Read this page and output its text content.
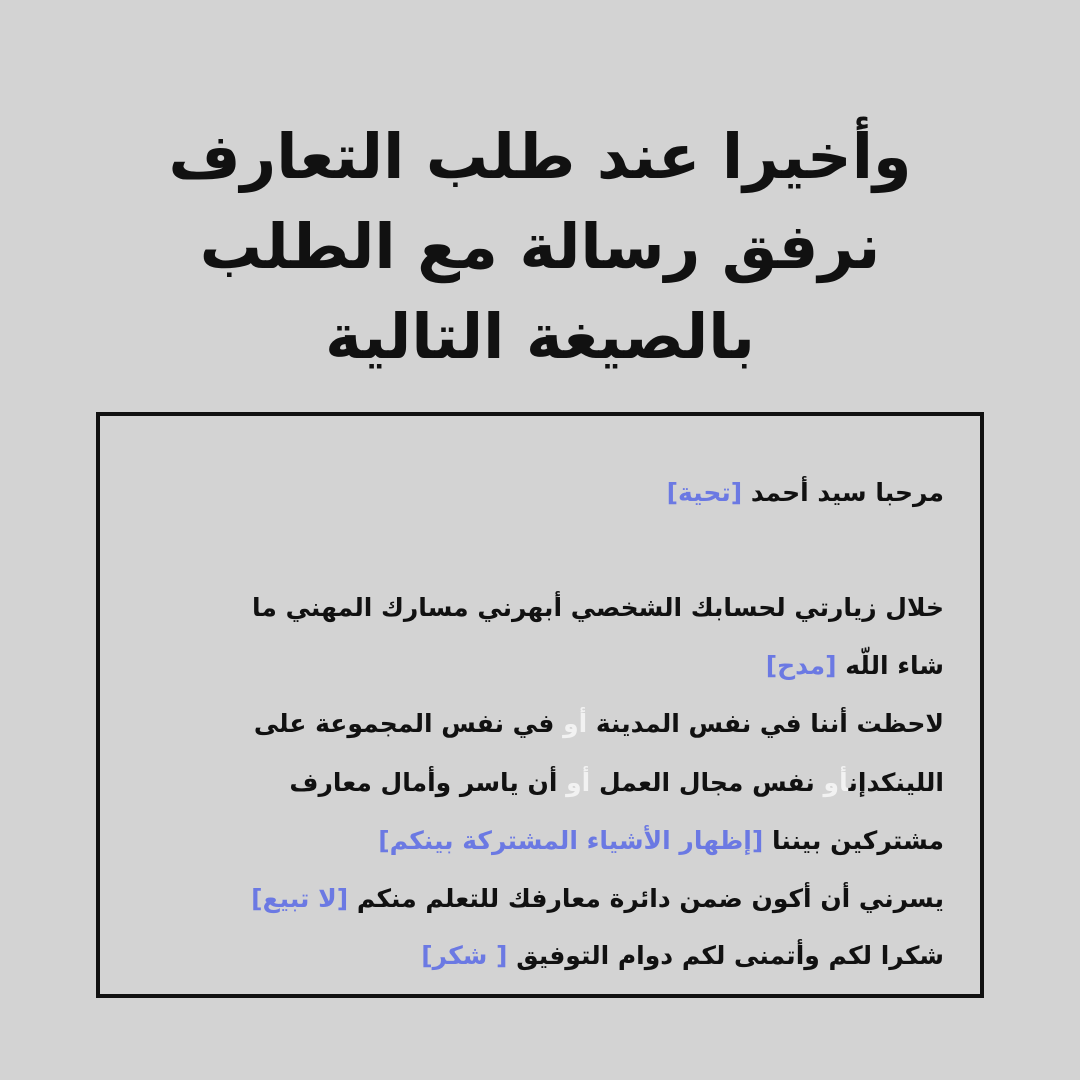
وأخيرا عند طلب التعارف
نرفق رسالة مع الطلب
بالصيغة التالية
مرحبا سيد أحمد [تحية]
خلال زيارتي لحسابك الشخصي أبهرني مسارك المهني ما
شاء اللّه [مدح]
لاحظت أننا في نفس المدينة أو في نفس المجموعة على
اللينكدإنأو نفس مجال العمل أو أن ياسر وأمال معارف
مشتركين بيننا [إظهار الأشياء المشتركة بينكم]
يسرني أن أكون ضمن دائرة معارفك للتعلم منكم [لا تبيع]
شكرا لكم وأتمنى لكم دوام التوفيق [ شكر]
